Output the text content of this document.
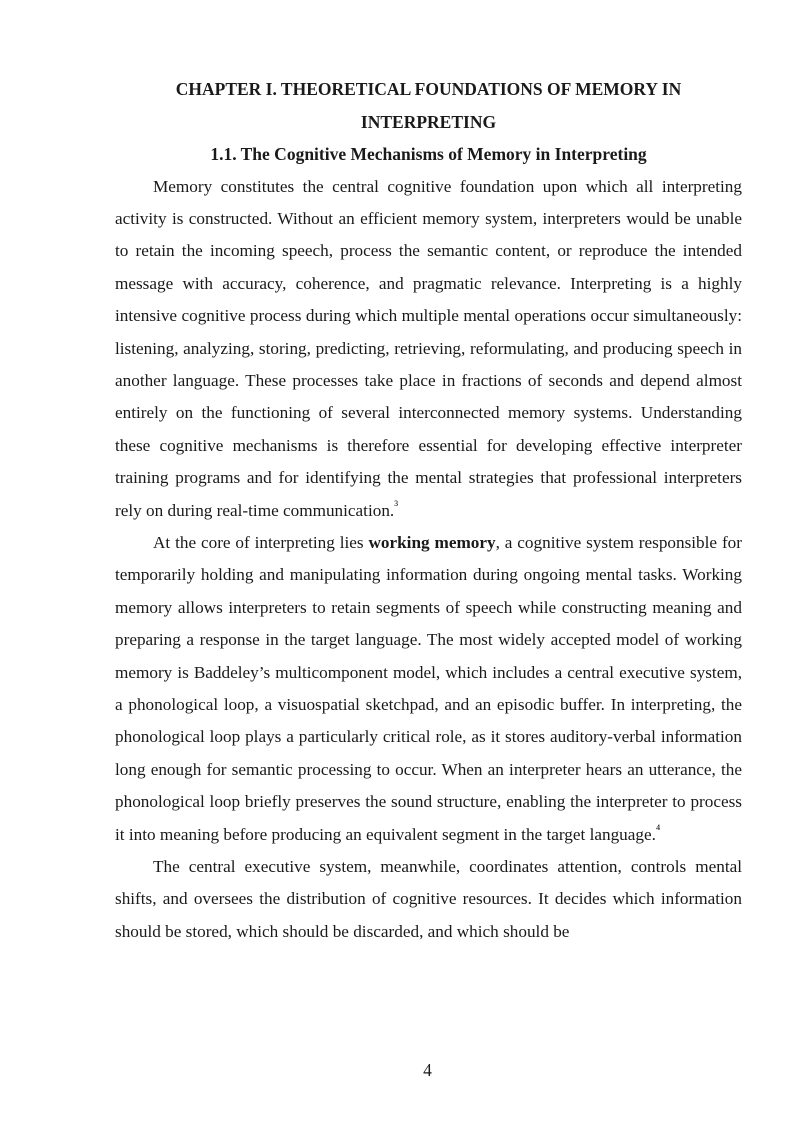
CHAPTER I. THEORETICAL FOUNDATIONS OF MEMORY IN INTERPRETING
1.1. The Cognitive Mechanisms of Memory in Interpreting

Memory constitutes the central cognitive foundation upon which all interpreting activity is constructed. Without an efficient memory system, interpreters would be unable to retain the incoming speech, process the semantic content, or reproduce the intended message with accuracy, coherence, and pragmatic relevance. Interpreting is a highly intensive cognitive process during which multiple mental operations occur simultaneously: listening, analyzing, storing, predicting, retrieving, reformulating, and producing speech in another language. These processes take place in fractions of seconds and depend almost entirely on the functioning of several interconnected memory systems. Understanding these cognitive mechanisms is therefore essential for developing effective interpreter training programs and for identifying the mental strategies that professional interpreters rely on during real-time communication.$^{^3}$

At the core of interpreting lies working memory, a cognitive system responsible for temporarily holding and manipulating information during ongoing mental tasks. Working memory allows interpreters to retain segments of speech while constructing meaning and preparing a response in the target language. The most widely accepted model of working memory is Baddeley’s multicomponent model, which includes a central executive system, a phonological loop, a visuospatial sketchpad, and an episodic buffer. In interpreting, the phonological loop plays a particularly critical role, as it stores auditory-verbal information long enough for semantic processing to occur. When an interpreter hears an utterance, the phonological loop briefly preserves the sound structure, enabling the interpreter to process it into meaning before producing an equivalent segment in the target language.$^{^4}$

The central executive system, meanwhile, coordinates attention, controls mental shifts, and oversees the distribution of cognitive resources. It decides which information should be stored, which should be discarded, and which should be

4
